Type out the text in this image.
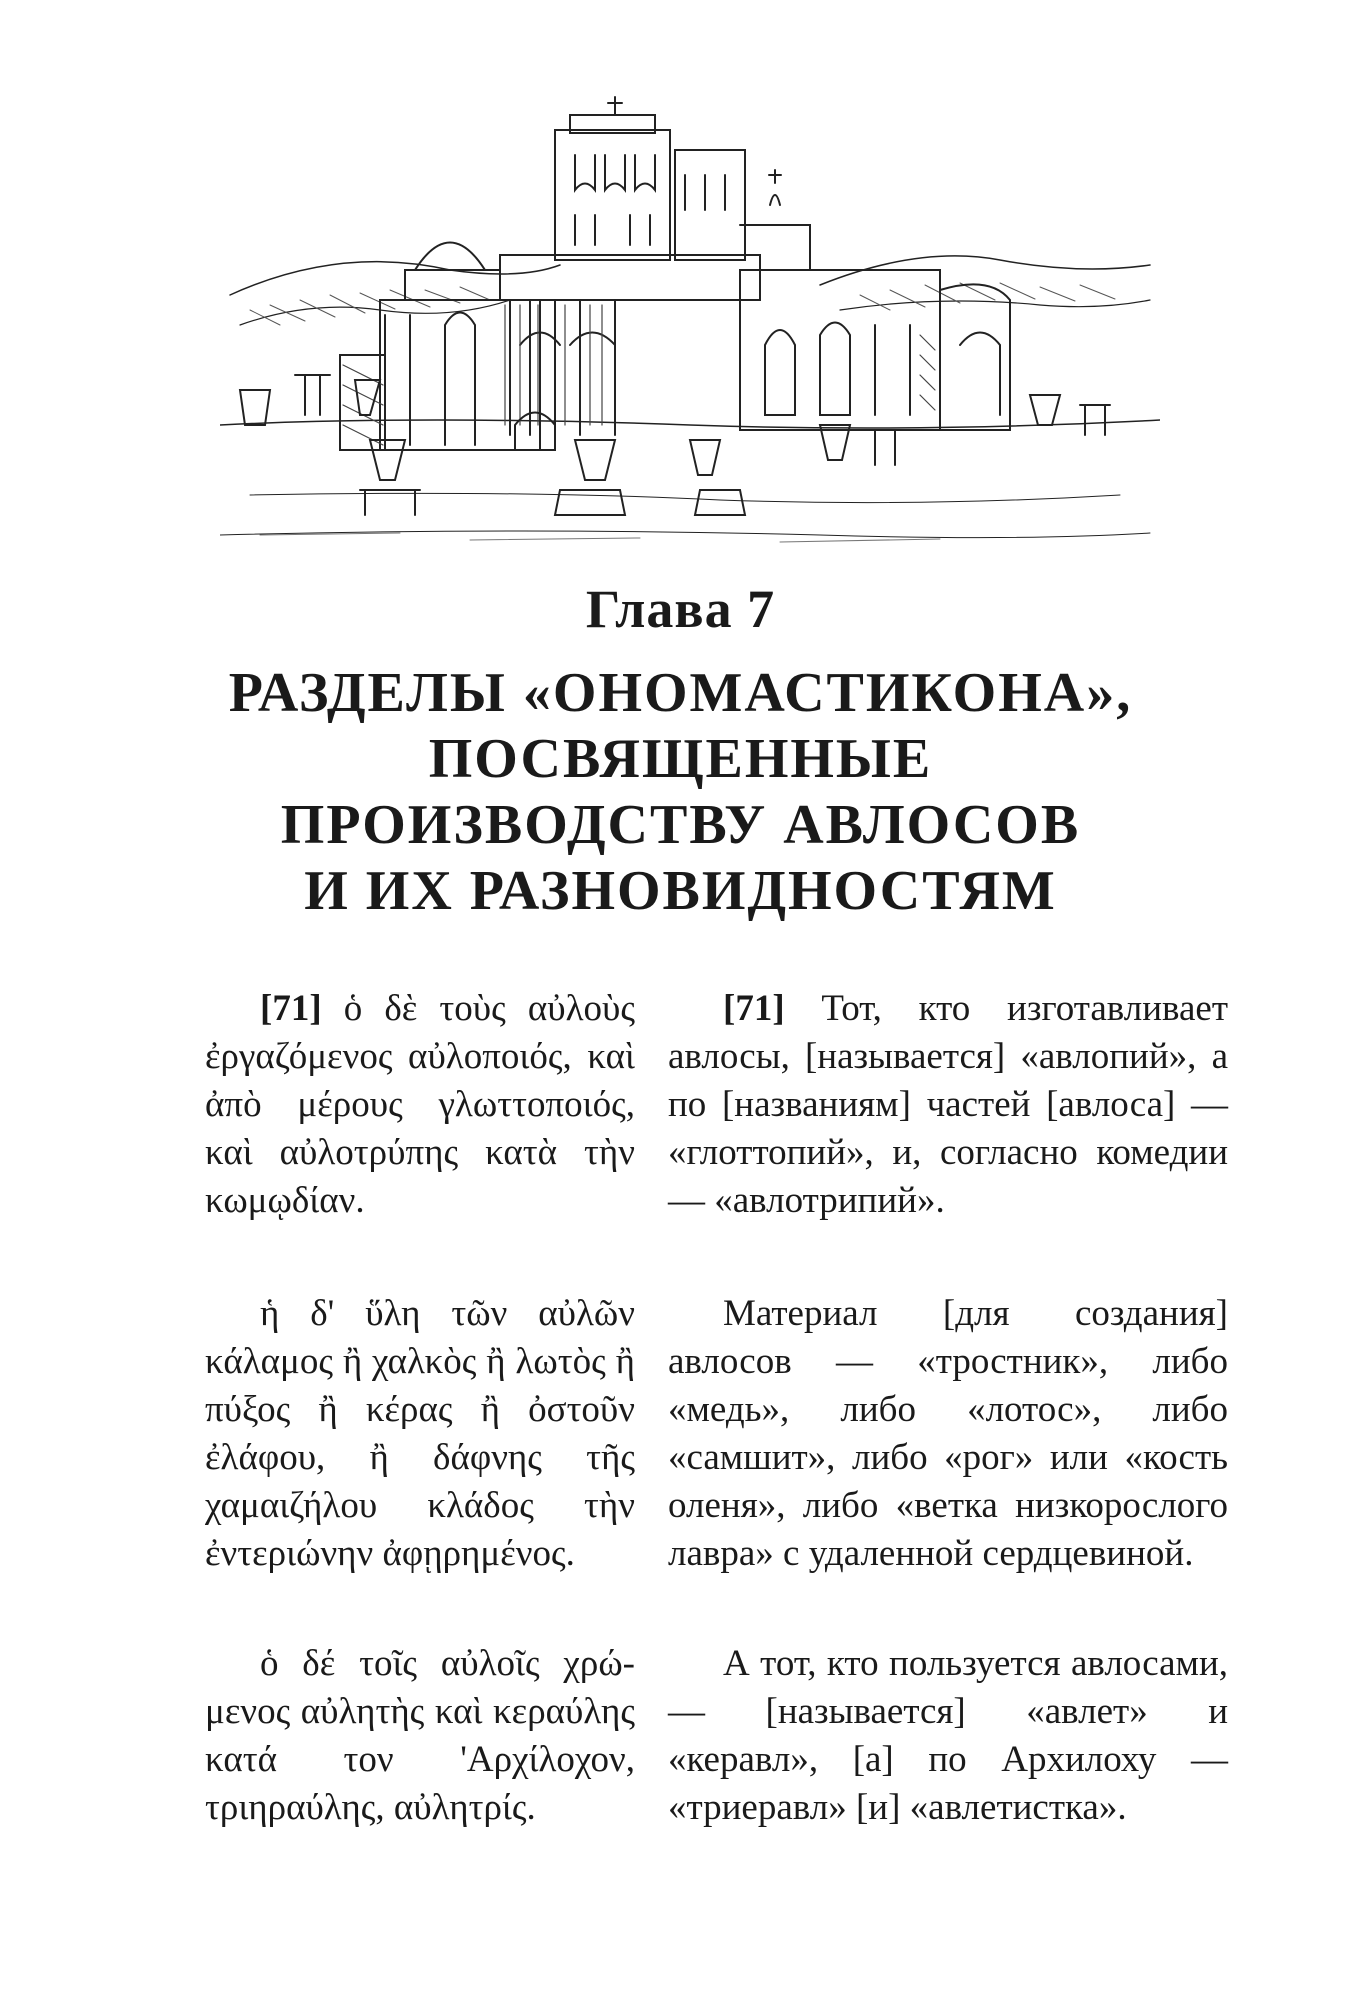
Глава 7
РАЗДЕЛЫ «ОНОМАСТИКОНА»,
ПОСВЯЩЕННЫЕ
ПРОИЗВОДСТВУ АВЛОСОВ
И ИХ РАЗНОВИДНОСТЯМ

[71] ὁ δὲ τοὺς αὐλοὺς ἐργαζόμενος αὐλοποιός, καὶ ἀπὸ μέρους γλωττοποιός, καὶ αὐλοτρύπης κατὰ τὴν κωμῳδίαν.

ἡ δ' ὕλη τῶν αὐλῶν κάλαμος ἢ χαλκὸς ἢ λωτὸς ἢ πύξος ἢ κέρας ἢ ὀστοῦν ἐλάφου, ἢ δάφνης τῆς χαμαιζήλου κλάδος τὴν ἐντεριώνην ἀφῃρημένος.

ὁ δέ τοῖς αὐλοῖς χρώμενος αὐλητὴς καὶ κεραύλης κατά τον 'Αρχίλοχον, τριηραύλης, αὐλητρίς.

[71] Тот, кто изготавливает авлосы, [называется] «авлопий», а по [названиям] частей [авлоса] — «глоттопий», и, согласно комедии — «авлотрипий».

Материал [для создания] авлосов — «тростник», либо «медь», либо «лотос», либо «самшит», либо «рог» или «кость оленя», либо «ветка низкорослого лавра» с удаленной сердцевиной.

А тот, кто пользуется авлосами, — [называется] «авлет» и «керавл», [а] по Архилоху — «триеравл» [и] «авлетистка».
